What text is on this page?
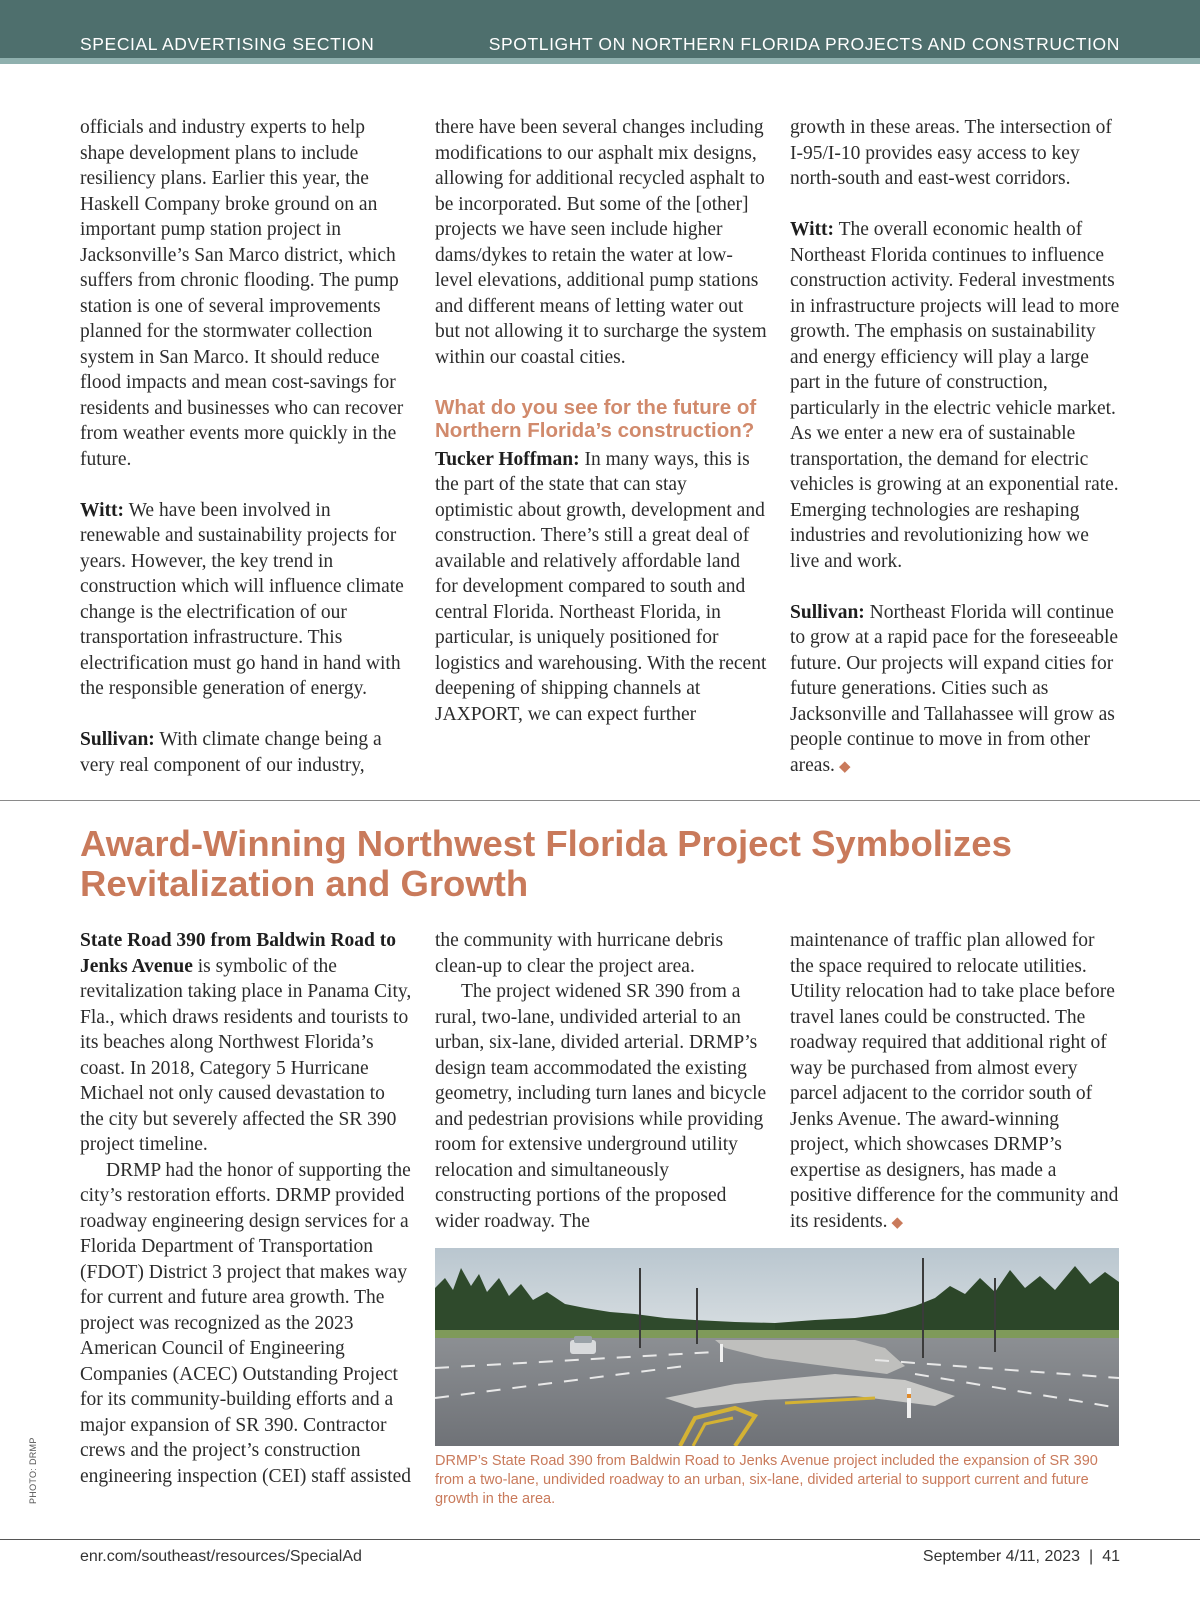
SPECIAL ADVERTISING SECTION	SPOTLIGHT ON NORTHERN FLORIDA PROJECTS AND CONSTRUCTION

officials and industry experts to help shape development plans to include resiliency plans. Earlier this year, the Haskell Company broke ground on an important pump station project in Jacksonville’s San Marco district, which suffers from chronic flooding. The pump station is one of several improvements planned for the stormwater collection system in San Marco. It should reduce flood impacts and mean cost-savings for residents and businesses who can recover from weather events more quickly in the future.

Witt: We have been involved in renewable and sustainability projects for years. However, the key trend in construction which will influence climate change is the electrification of our transportation infrastructure. This electrification must go hand in hand with the responsible generation of energy.

Sullivan: With climate change being a very real component of our industry,

there have been several changes including modifications to our asphalt mix designs, allowing for additional recycled asphalt to be incorporated. But some of the [other] projects we have seen include higher dams/dykes to retain the water at low-level elevations, additional pump stations and different means of letting water out but not allowing it to surcharge the system within our coastal cities.

What do you see for the future of Northern Florida’s construction?

Tucker Hoffman: In many ways, this is the part of the state that can stay optimistic about growth, development and construction. There’s still a great deal of available and relatively affordable land for development compared to south and central Florida. Northeast Florida, in particular, is uniquely positioned for logistics and warehousing. With the recent deepening of shipping channels at JAXPORT, we can expect further

growth in these areas. The intersection of I-95/I-10 provides easy access to key north-south and east-west corridors.

Witt: The overall economic health of Northeast Florida continues to influence construction activity. Federal investments in infrastructure projects will lead to more growth. The emphasis on sustainability and energy efficiency will play a large part in the future of construction, particularly in the electric vehicle market. As we enter a new era of sustainable transportation, the demand for electric vehicles is growing at an exponential rate. Emerging technologies are reshaping industries and revolutionizing how we live and work.

Sullivan: Northeast Florida will continue to grow at a rapid pace for the foreseeable future. Our projects will expand cities for future generations. Cities such as Jacksonville and Tallahassee will grow as people continue to move in from other areas. ◆

Award-Winning Northwest Florida Project Symbolizes Revitalization and Growth

State Road 390 from Baldwin Road to Jenks Avenue is symbolic of the revitalization taking place in Panama City, Fla., which draws residents and tourists to its beaches along Northwest Florida’s coast. In 2018, Category 5 Hurricane Michael not only caused devastation to the city but severely affected the SR 390 project timeline.

DRMP had the honor of supporting the city’s restoration efforts. DRMP provided roadway engineering design services for a Florida Department of Transportation (FDOT) District 3 project that makes way for current and future area growth. The project was recognized as the 2023 American Council of Engineering Companies (ACEC) Outstanding Project for its community-building efforts and a major expansion of SR 390. Contractor crews and the project’s construction engineering inspection (CEI) staff assisted

the community with hurricane debris clean-up to clear the project area.

The project widened SR 390 from a rural, two-lane, undivided arterial to an urban, six-lane, divided arterial. DRMP’s design team accommodated the existing geometry, including turn lanes and bicycle and pedestrian provisions while providing room for extensive underground utility relocation and simultaneously constructing portions of the proposed wider roadway. The

maintenance of traffic plan allowed for the space required to relocate utilities. Utility relocation had to take place before travel lanes could be constructed. The roadway required that additional right of way be purchased from almost every parcel adjacent to the corridor south of Jenks Avenue. The award-winning project, which showcases DRMP’s expertise as designers, has made a positive difference for the community and its residents. ◆

DRMP’s State Road 390 from Baldwin Road to Jenks Avenue project included the expansion of SR 390 from a two-lane, undivided roadway to an urban, six-lane, divided arterial to support current and future growth in the area.
PHOTO: DRMP
enr.com/southeast/resources/SpecialAd	September 4/11, 2023 | 41
